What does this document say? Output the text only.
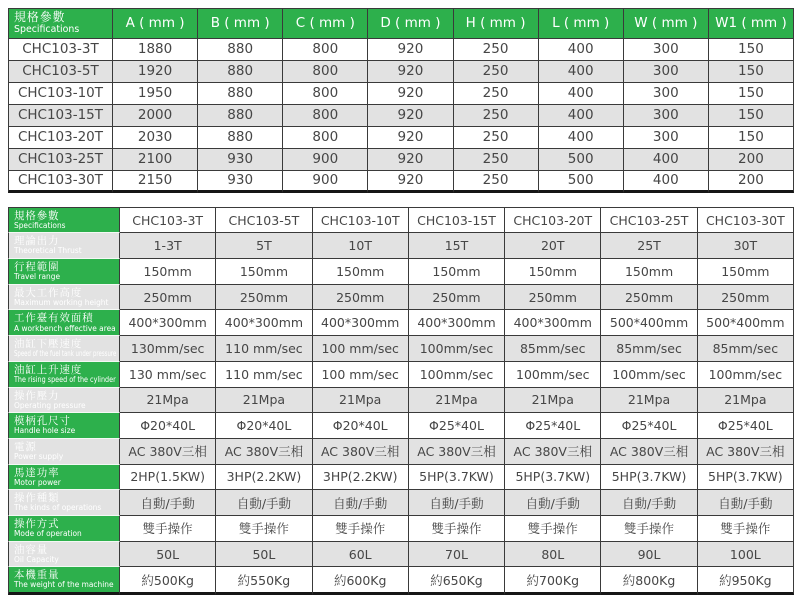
規格參數
Specifications	A ( mm )	B ( mm )	C ( mm )	D ( mm )	H ( mm )	L ( mm )	W ( mm )	W1 ( mm )
CHC103-3T	1880	880	800	920	250	400	300	150
CHC103-5T	1920	880	800	920	250	400	300	150
CHC103-10T	1950	880	800	920	250	400	300	150
CHC103-15T	2000	880	800	920	250	400	300	150
CHC103-20T	2030	880	800	920	250	400	300	150
CHC103-25T	2100	930	900	920	250	500	400	200
CHC103-30T	2150	930	900	920	250	500	400	200
規格參數
Specifications	CHC103-3T	CHC103-5T	CHC103-10T	CHC103-15T	CHC103-20T	CHC103-25T	CHC103-30T

理論出力
Theoretical Thrust	1-3T	5T	10T	15T	20T	25T	30T

行程範圍
Travel range	150mm	150mm	150mm	150mm	150mm	150mm	150mm

最大工作高度
Maximum working height	250mm	250mm	250mm	250mm	250mm	250mm	250mm

工作臺有效面積
A workbench effective area	400*300mm	400*300mm	400*300mm	400*300mm	400*300mm	500*400mm	500*400mm

油缸下壓速度
Speed of the fuel tank under pressure	130mm/sec	110 mm/sec	100 mm/sec	100mm/sec	85mm/sec	85mm/sec	85mm/sec

油缸上升速度
The rising speed of the cylinder	130 mm/sec	110 mm/sec	100 mm/sec	100mm/sec	100mm/sec	100mm/sec	100mm/sec

操作壓力
Operating pressure	21Mpa	21Mpa	21Mpa	21Mpa	21Mpa	21Mpa	21Mpa

模柄孔尺寸
Handle hole size	Φ20*40L	Φ20*40L	Φ20*40L	Φ25*40L	Φ25*40L	Φ25*40L	Φ25*40L

電源
Power supply	AC 380V三相	AC 380V三相	AC 380V三相	AC 380V三相	AC 380V三相	AC 380V三相	AC 380V三相

馬達功率
Motor power	2HP(1.5KW)	3HP(2.2KW)	3HP(2.2KW)	5HP(3.7KW)	5HP(3.7KW)	5HP(3.7KW)	5HP(3.7KW)

操作種類
The kinds of operations	自動/手動	自動/手動	自動/手動	自動/手動	自動/手動	自動/手動	自動/手動

操作方式
Mode of operation	雙手操作	雙手操作	雙手操作	雙手操作	雙手操作	雙手操作	雙手操作

油容量
Oil Capacity	50L	50L	60L	70L	80L	90L	100L

本機重量
The weight of the machine	約500Kg	約550Kg	約600Kg	約650Kg	約700Kg	約800Kg	約950Kg
